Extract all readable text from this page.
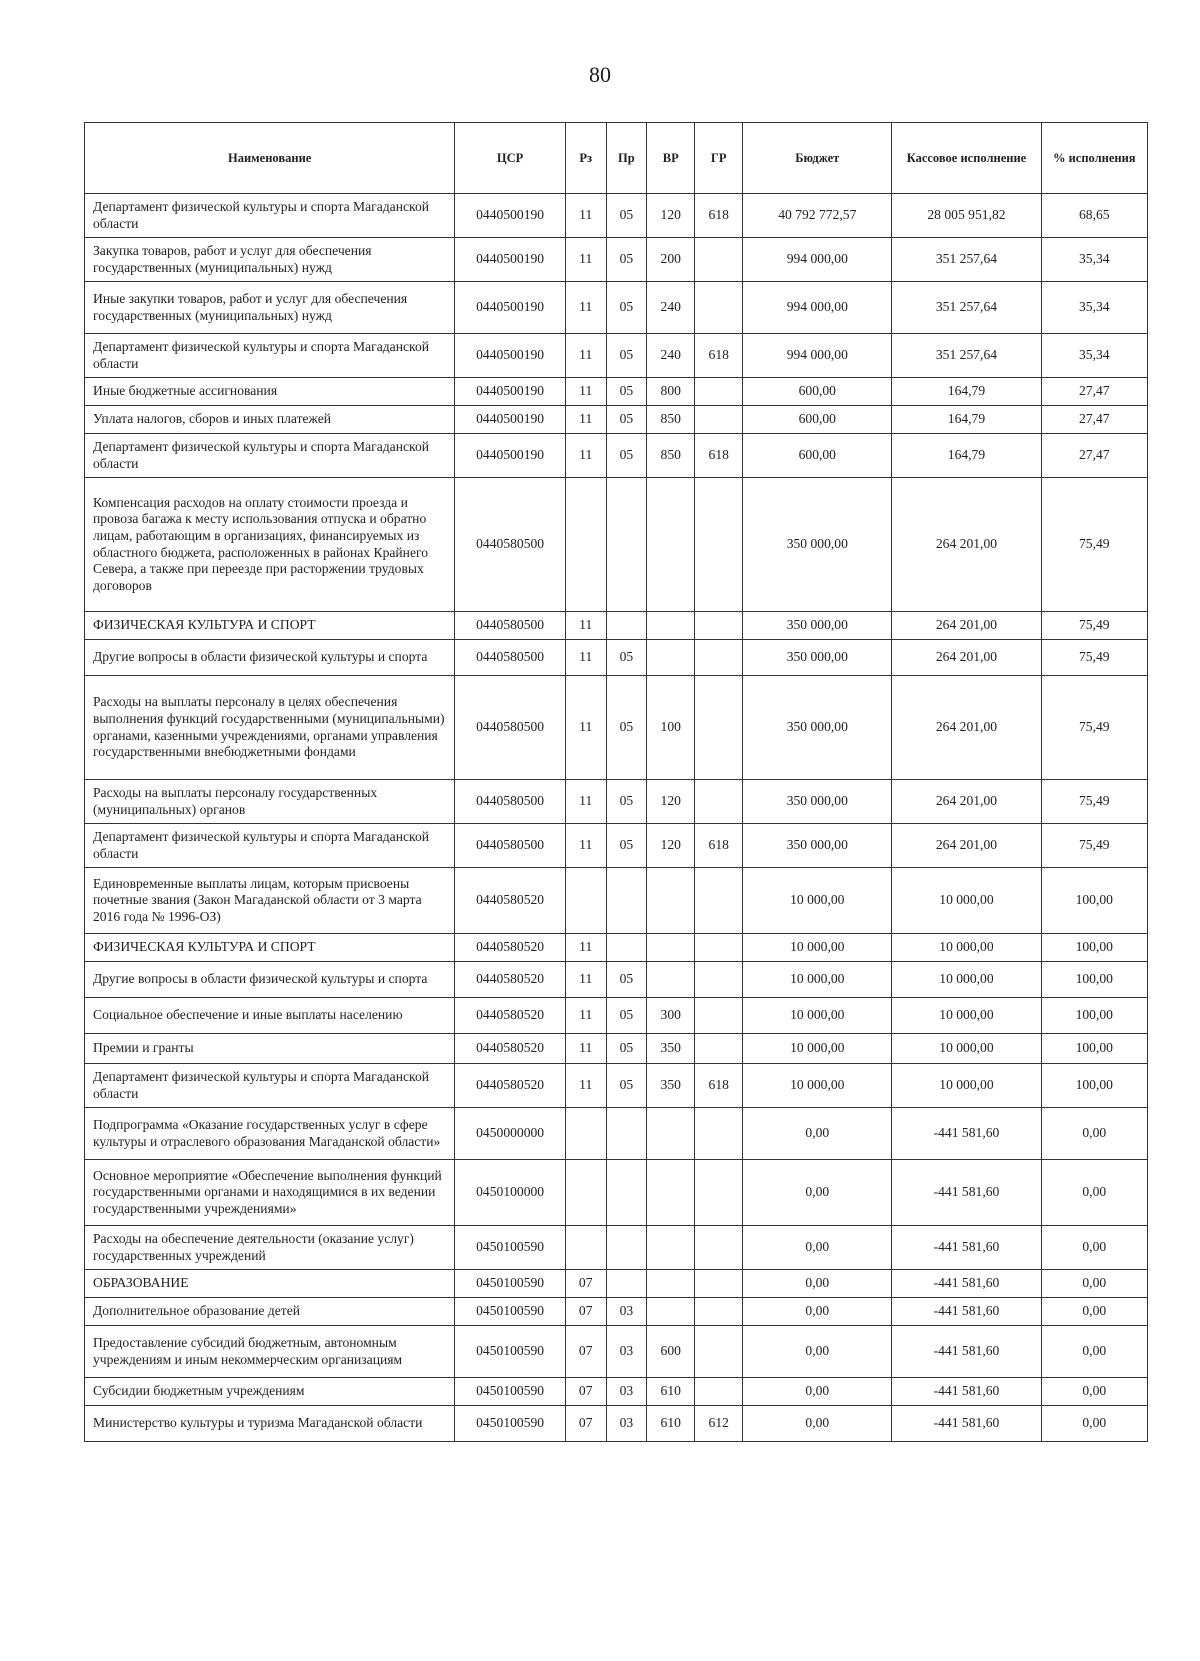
80
Наименование	ЦСР	Рз	Пр	ВР	ГР	Бюджет	Кассовое исполнение	% исполнения
Департамент физической культуры и спорта Магаданской области	0440500190	11	05	120	618	40 792 772,57	28 005 951,82	68,65
Закупка товаров, работ и услуг для обеспечения государственных (муниципальных) нужд	0440500190	11	05	200		994 000,00	351 257,64	35,34
Иные закупки товаров, работ и услуг для обеспечения государственных (муниципальных) нужд	0440500190	11	05	240		994 000,00	351 257,64	35,34
Департамент физической культуры и спорта Магаданской области	0440500190	11	05	240	618	994 000,00	351 257,64	35,34
Иные бюджетные ассигнования	0440500190	11	05	800		600,00	164,79	27,47
Уплата налогов, сборов и иных платежей	0440500190	11	05	850		600,00	164,79	27,47
Департамент физической культуры и спорта Магаданской области	0440500190	11	05	850	618	600,00	164,79	27,47
Компенсация расходов на оплату стоимости проезда и провоза багажа к месту использования отпуска и обратно лицам, работающим в организациях, финансируемых из областного бюджета, расположенных в районах Крайнего Севера, а также при переезде при расторжении трудовых договоров	0440580500					350 000,00	264 201,00	75,49
ФИЗИЧЕСКАЯ КУЛЬТУРА И СПОРТ	0440580500	11				350 000,00	264 201,00	75,49
Другие вопросы в области физической культуры и спорта	0440580500	11	05			350 000,00	264 201,00	75,49
Расходы на выплаты персоналу в целях обеспечения выполнения функций государственными (муниципальными) органами, казенными учреждениями, органами управления государственными внебюджетными фондами	0440580500	11	05	100		350 000,00	264 201,00	75,49
Расходы на выплаты персоналу государственных (муниципальных) органов	0440580500	11	05	120		350 000,00	264 201,00	75,49
Департамент физической культуры и спорта Магаданской области	0440580500	11	05	120	618	350 000,00	264 201,00	75,49
Единовременные выплаты лицам, которым присвоены почетные звания (Закон Магаданской области от 3 марта 2016 года № 1996-ОЗ)	0440580520					10 000,00	10 000,00	100,00
ФИЗИЧЕСКАЯ КУЛЬТУРА И СПОРТ	0440580520	11				10 000,00	10 000,00	100,00
Другие вопросы в области физической культуры и спорта	0440580520	11	05			10 000,00	10 000,00	100,00
Социальное обеспечение и иные выплаты населению	0440580520	11	05	300		10 000,00	10 000,00	100,00
Премии и гранты	0440580520	11	05	350		10 000,00	10 000,00	100,00
Департамент физической культуры и спорта Магаданской области	0440580520	11	05	350	618	10 000,00	10 000,00	100,00
Подпрограмма «Оказание государственных услуг в сфере культуры и отраслевого образования Магаданской области»	0450000000					0,00	-441 581,60	0,00
Основное мероприятие «Обеспечение выполнения функций государственными органами и находящимися в их ведении государственными учреждениями»	0450100000					0,00	-441 581,60	0,00
Расходы на обеспечение деятельности (оказание услуг) государственных учреждений	0450100590					0,00	-441 581,60	0,00
ОБРАЗОВАНИЕ	0450100590	07				0,00	-441 581,60	0,00
Дополнительное образование детей	0450100590	07	03			0,00	-441 581,60	0,00
Предоставление субсидий бюджетным, автономным учреждениям и иным некоммерческим организациям	0450100590	07	03	600		0,00	-441 581,60	0,00
Субсидии бюджетным учреждениям	0450100590	07	03	610		0,00	-441 581,60	0,00
Министерство культуры и туризма Магаданской области	0450100590	07	03	610	612	0,00	-441 581,60	0,00
